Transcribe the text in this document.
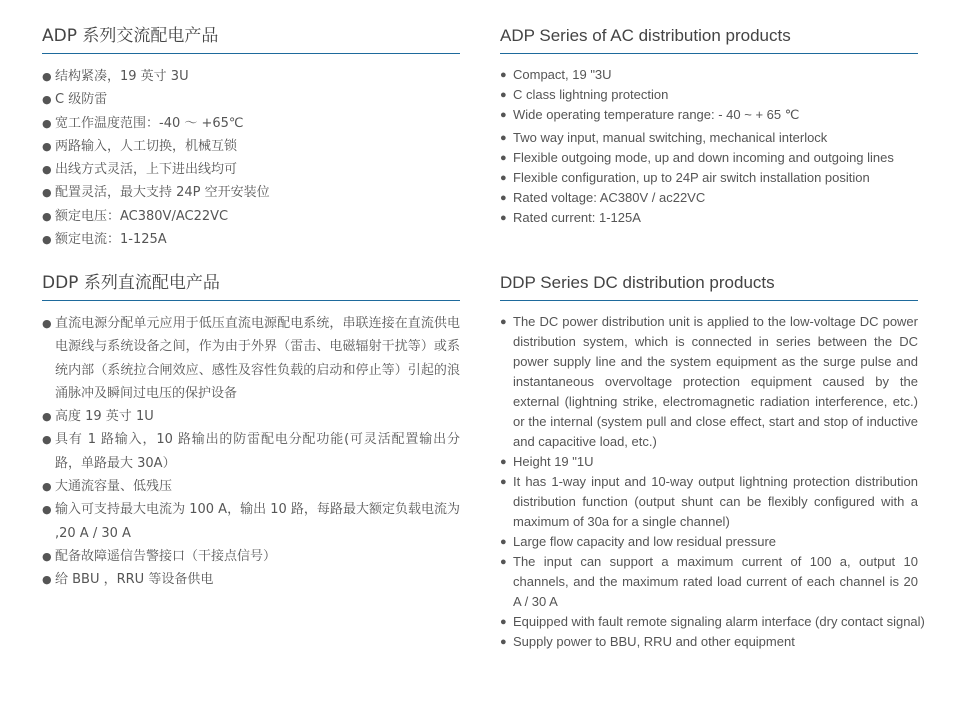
ADP 系列交流配电产品
● 结构紧凑，19 英寸 3U
● C 级防雷
● 宽工作温度范围：-40 ～ +65℃
● 两路输入，人工切换，机械互锁
● 出线方式灵活，上下进出线均可
● 配置灵活，最大支持 24P 空开安装位
● 额定电压：AC380V/AC22VC
● 额定电流：1-125A
ADP Series of AC distribution products
● Compact, 19 "3U
● C class lightning protection
● Wide operating temperature range: - 40 ~ + 65 ℃
● Two way input, manual switching, mechanical interlock
● Flexible outgoing mode, up and down incoming and outgoing lines
● Flexible configuration, up to 24P air switch installation position
● Rated voltage: AC380V / ac22VC
● Rated current: 1-125A
DDP 系列直流配电产品
● 直流电源分配单元应用于低压直流电源配电系统，串联连接在直流供电电源线与系统设备之间，作为由于外界（雷击、电磁辐射干扰等）或系统内部（系统拉合闸效应、感性及容性负载的启动和停止等）引起的浪涌脉冲及瞬间过电压的保护设备
● 高度 19 英寸 1U
● 具有 1 路输入，10 路输出的防雷配电分配功能(可灵活配置输出分路，单路最大 30A）
● 大通流容量、低残压
● 输入可支持最大电流为 100 A，输出 10 路，每路最大额定负载电流为 ,20 A / 30 A
● 配备故障遥信告警接口（干接点信号）
● 给 BBU ，RRU 等设备供电
DDP Series DC distribution products
● The DC power distribution unit is applied to the low-voltage DC power distribution system, which is connected in series between the DC power supply line and the system equipment as the surge pulse and instantaneous overvoltage protection equipment caused by the external (lightning strike, electromagnetic radiation interference, etc.) or the internal (system pull and close effect, start and stop of inductive and capacitive load, etc.)
● Height 19 "1U
● It has 1-way input and 10-way output lightning protection distribution distribution function (output shunt can be flexibly configured with a maximum of 30a for a single channel)
● Large flow capacity and low residual pressure
● The input can support a maximum current of 100 a, output 10 channels, and the maximum rated load current of each channel is 20 A / 30 A
● Equipped with fault remote signaling alarm interface (dry contact signal)
● Supply power to BBU, RRU and other equipment
